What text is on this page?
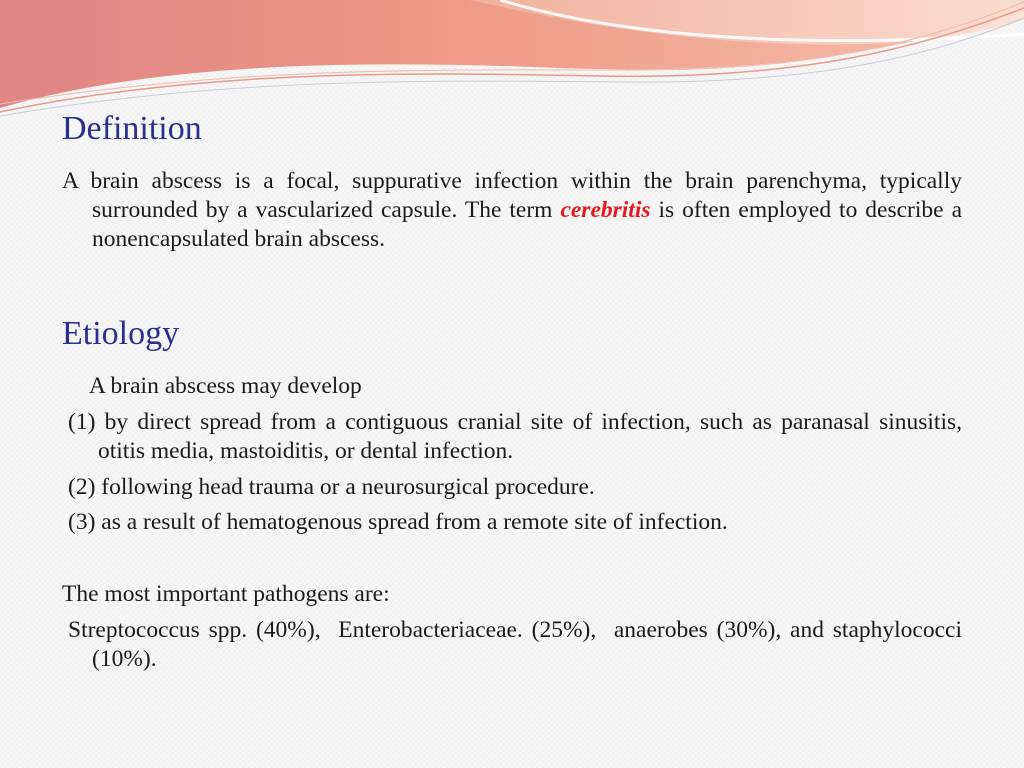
Definition

A brain abscess is a focal, suppurative infection within the brain parenchyma, typically surrounded by a vascularized capsule. The term cerebritis is often employed to describe a nonencapsulated brain abscess.

Etiology

A brain abscess may develop

(1) by direct spread from a contiguous cranial site of infection, such as paranasal sinusitis, otitis media, mastoiditis, or dental infection.

(2) following head trauma or a neurosurgical procedure.

(3) as a result of hematogenous spread from a remote site of infection.

The most important pathogens are:

Streptococcus spp. (40%),  Enterobacteriaceae. (25%),  anaerobes (30%), and staphylococci (10%).
